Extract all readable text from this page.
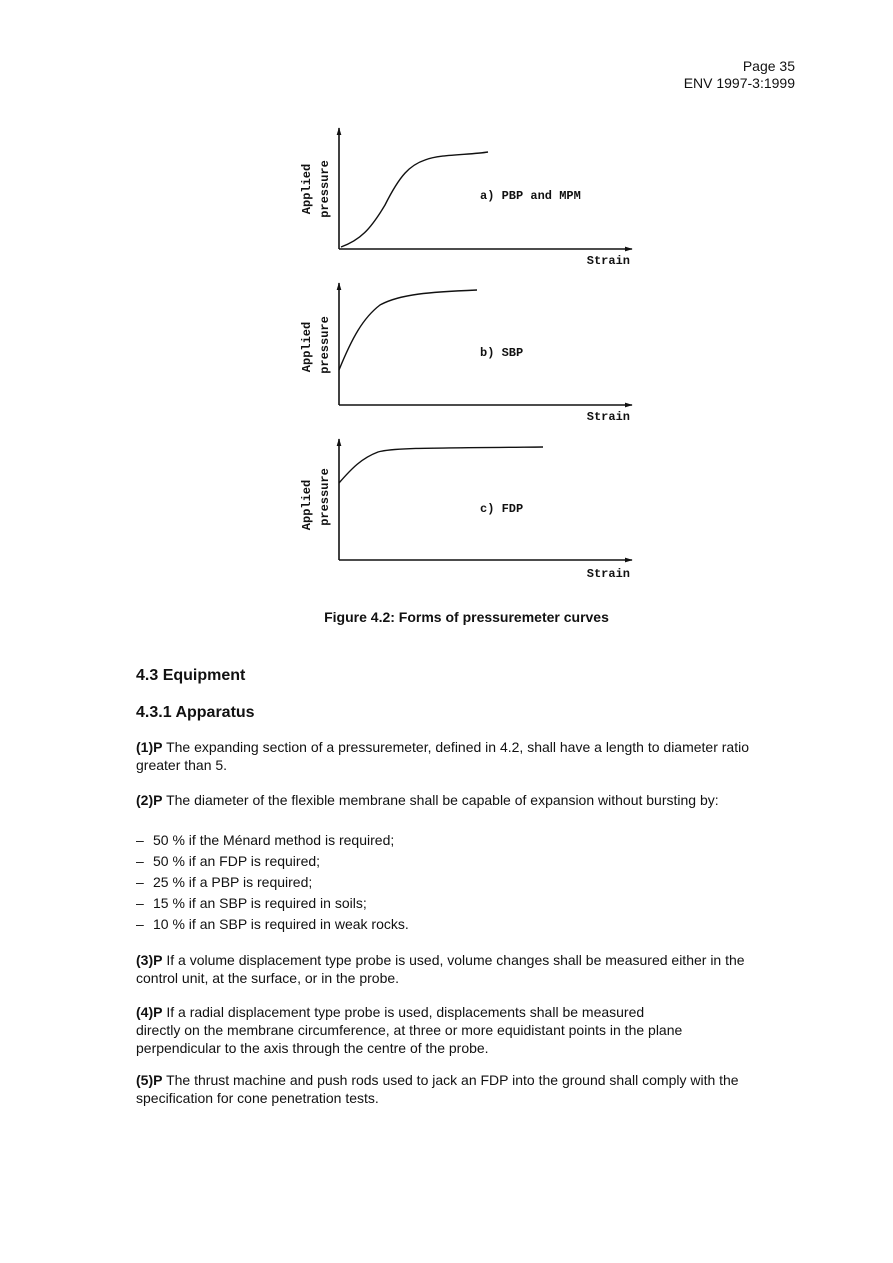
Page 35
ENV 1997-3:1999
Applied pressure	a) PBP and MPM
Strain
Applied pressure	b) SBP
Strain
Applied pressure	c) FDP
Strain
Figure 4.2: Forms of pressuremeter curves
4.3 Equipment
4.3.1 Apparatus
(1)P The expanding section of a pressuremeter, defined in 4.2, shall have a length to diameter ratio
greater than 5.
(2)P The diameter of the flexible membrane shall be capable of expansion without bursting by:
– 50 % if the Ménard method is required;
– 50 % if an FDP is required;
– 25 % if a PBP is required;
– 15 % if an SBP is required in soils;
– 10 % if an SBP is required in weak rocks.
(3)P If a volume displacement type probe is used, volume changes shall be measured either in the
control unit, at the surface, or in the probe.
(4)P If a radial displacement type probe is used, displacements shall be measured
directly on the membrane circumference, at three or more equidistant points in the plane
perpendicular to the axis through the centre of the probe.
(5)P The thrust machine and push rods used to jack an FDP into the ground shall comply with the
specification for cone penetration tests.
